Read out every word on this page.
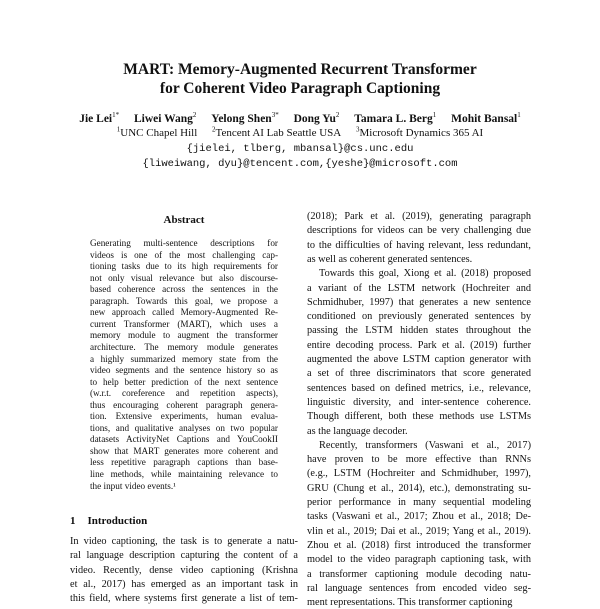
MART: Memory-Augmented Recurrent Transformer
for Coherent Video Paragraph Captioning
Jie Lei$^{1*}$ Liwei Wang$^2$ Yelong Shen$^{3*}$ Dong Yu$^2$ Tamara L. Berg$^1$ Mohit Bansal$^1$
$^1$UNC Chapel Hill $^2$Tencent AI Lab Seattle USA $^3$Microsoft Dynamics 365 AI
{jielei, tlberg, mbansal}@cs.unc.edu
{liweiwang, dyu}@tencent.com,{yeshe}@microsoft.com
Abstract
Generating multi-sentence descriptions for
videos is one of the most challenging cap-
tioning tasks due to its high requirements for
not only visual relevance but also discourse-
based coherence across the sentences in the
paragraph. Towards this goal, we propose a
new approach called Memory-Augmented Re-
current Transformer (MART), which uses a
memory module to augment the transformer
architecture. The memory module generates
a highly summarized memory state from the
video segments and the sentence history so as
to help better prediction of the next sentence
(w.r.t. coreference and repetition aspects),
thus encouraging coherent paragraph genera-
tion. Extensive experiments, human evalua-
tions, and qualitative analyses on two popular
datasets ActivityNet Captions and YouCookII
show that MART generates more coherent and
less repetitive paragraph captions than base-
line methods, while maintaining relevance to
the input video events.¹
1 Introduction
In video captioning, the task is to generate a natu-
ral language description capturing the content of a
video. Recently, dense video captioning (Krishna
et al., 2017) has emerged as an important task in
this field, where systems first generate a list of tem-
(2018); Park et al. (2019), generating paragraph
descriptions for videos can be very challenging due
to the difficulties of having relevant, less redundant,
as well as coherent generated sentences.
Towards this goal, Xiong et al. (2018) proposed
a variant of the LSTM network (Hochreiter and
Schmidhuber, 1997) that generates a new sentence
conditioned on previously generated sentences by
passing the LSTM hidden states throughout the
entire decoding process. Park et al. (2019) further
augmented the above LSTM caption generator with
a set of three discriminators that score generated
sentences based on defined metrics, i.e., relevance,
linguistic diversity, and inter-sentence coherence.
Though different, both these methods use LSTMs
as the language decoder.
Recently, transformers (Vaswani et al., 2017)
have proven to be more effective than RNNs
(e.g., LSTM (Hochreiter and Schmidhuber, 1997),
GRU (Chung et al., 2014), etc.), demonstrating su-
perior performance in many sequential modeling
tasks (Vaswani et al., 2017; Zhou et al., 2018; De-
vlin et al., 2019; Dai et al., 2019; Yang et al., 2019).
Zhou et al. (2018) first introduced the transformer
model to the video paragraph captioning task, with
a transformer captioning module decoding natu-
ral language sentences from encoded video seg-
ment representations. This transformer captioning
